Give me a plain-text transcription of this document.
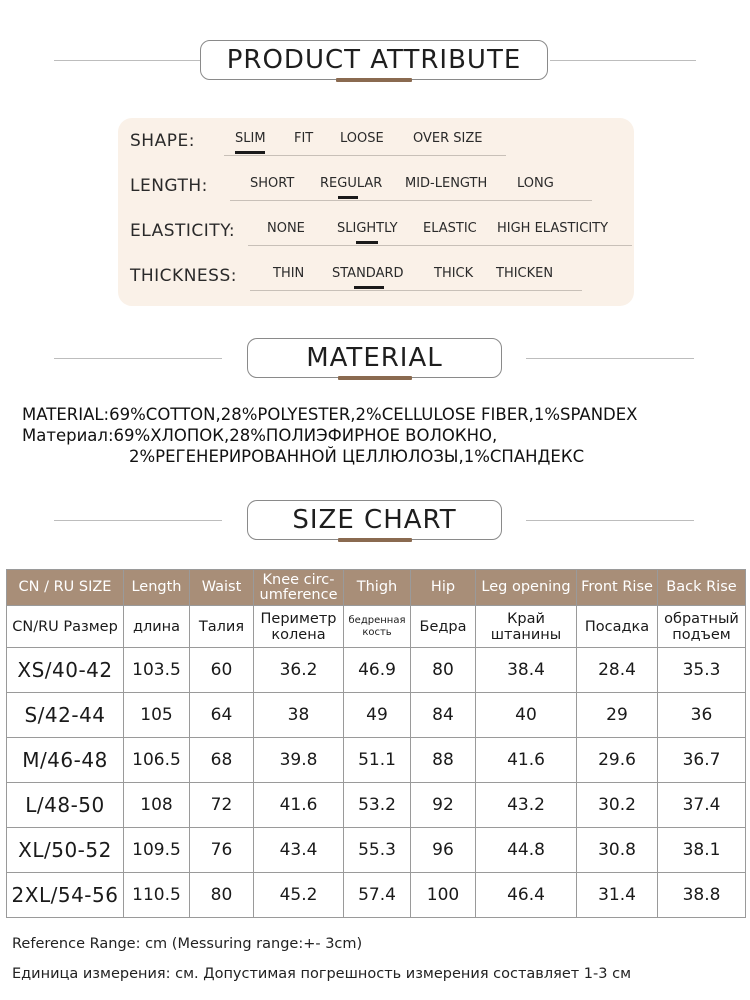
PRODUCT ATTRIBUTE
SHAPE:	SLIM FIT LOOSE OVER SIZE
LENGTH:	SHORT REGULAR MID-LENGTH LONG
ELASTICITY: NONE SLIGHTLY ELASTIC HIGH ELASTICITY
THICKNESS:	THIN STANDARD THICK THICKEN
MATERIAL
MATERIAL:69%COTTON,28%POLYESTER,2%CELLULOSE FIBER,1%SPANDEX
Материал:69%ХЛОПОК,28%ПОЛИЭФИРНОЕ ВОЛОКНО,
2%РЕГЕНЕРИРОВАННОЙ ЦЕЛЛЮЛОЗЫ,1%СПАНДЕКС
SIZE CHART
CN / RU SIZE	Length	Waist	Knee circ-umference	Thigh	Hip	Leg opening	Front Rise	Back Rise
CN/RU Размер	длина	Талия	Периметр колена	бедренная кость	Бедра	Край штанины	Посадка	обратный подъем
XS/40-42	103.5	60	36.2	46.9	80	38.4	28.4	35.3
S/42-44	105	64	38	49	84	40	29	36
M/46-48	106.5	68	39.8	51.1	88	41.6	29.6	36.7
L/48-50	108	72	41.6	53.2	92	43.2	30.2	37.4
XL/50-52	109.5	76	43.4	55.3	96	44.8	30.8	38.1
2XL/54-56	110.5	80	45.2	57.4	100	46.4	31.4	38.8
Reference Range: cm (Messuring range:+- 3cm)
Единица измерения: см. Допустимая погрешность измерения составляет 1-3 см
